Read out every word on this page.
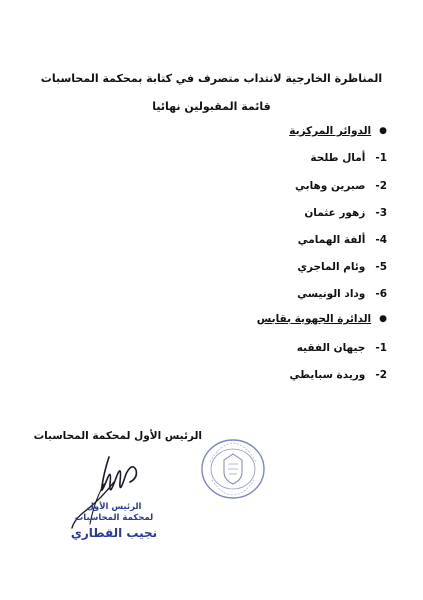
المناظرة الخارجية لانتداب متصرف في كتابة بمحكمة المحاسبات
قائمة المقبولين نهائيا
●
الدوائر المركزية
1- أمال طلحة
2- صبرين وهابي
3- زهور عثمان
4- ألفة الهمامي
5- وئام الماجري
6- وداد الونيسي
●
الدائرة الجهوية بقابس
1- جيهان الفقيه
2- وريدة سبايطي
الرئيس الأول لمحكمة المحاسبات
الرئيس الأول
لمحكمة المحاسبات
نجيب القطاري
